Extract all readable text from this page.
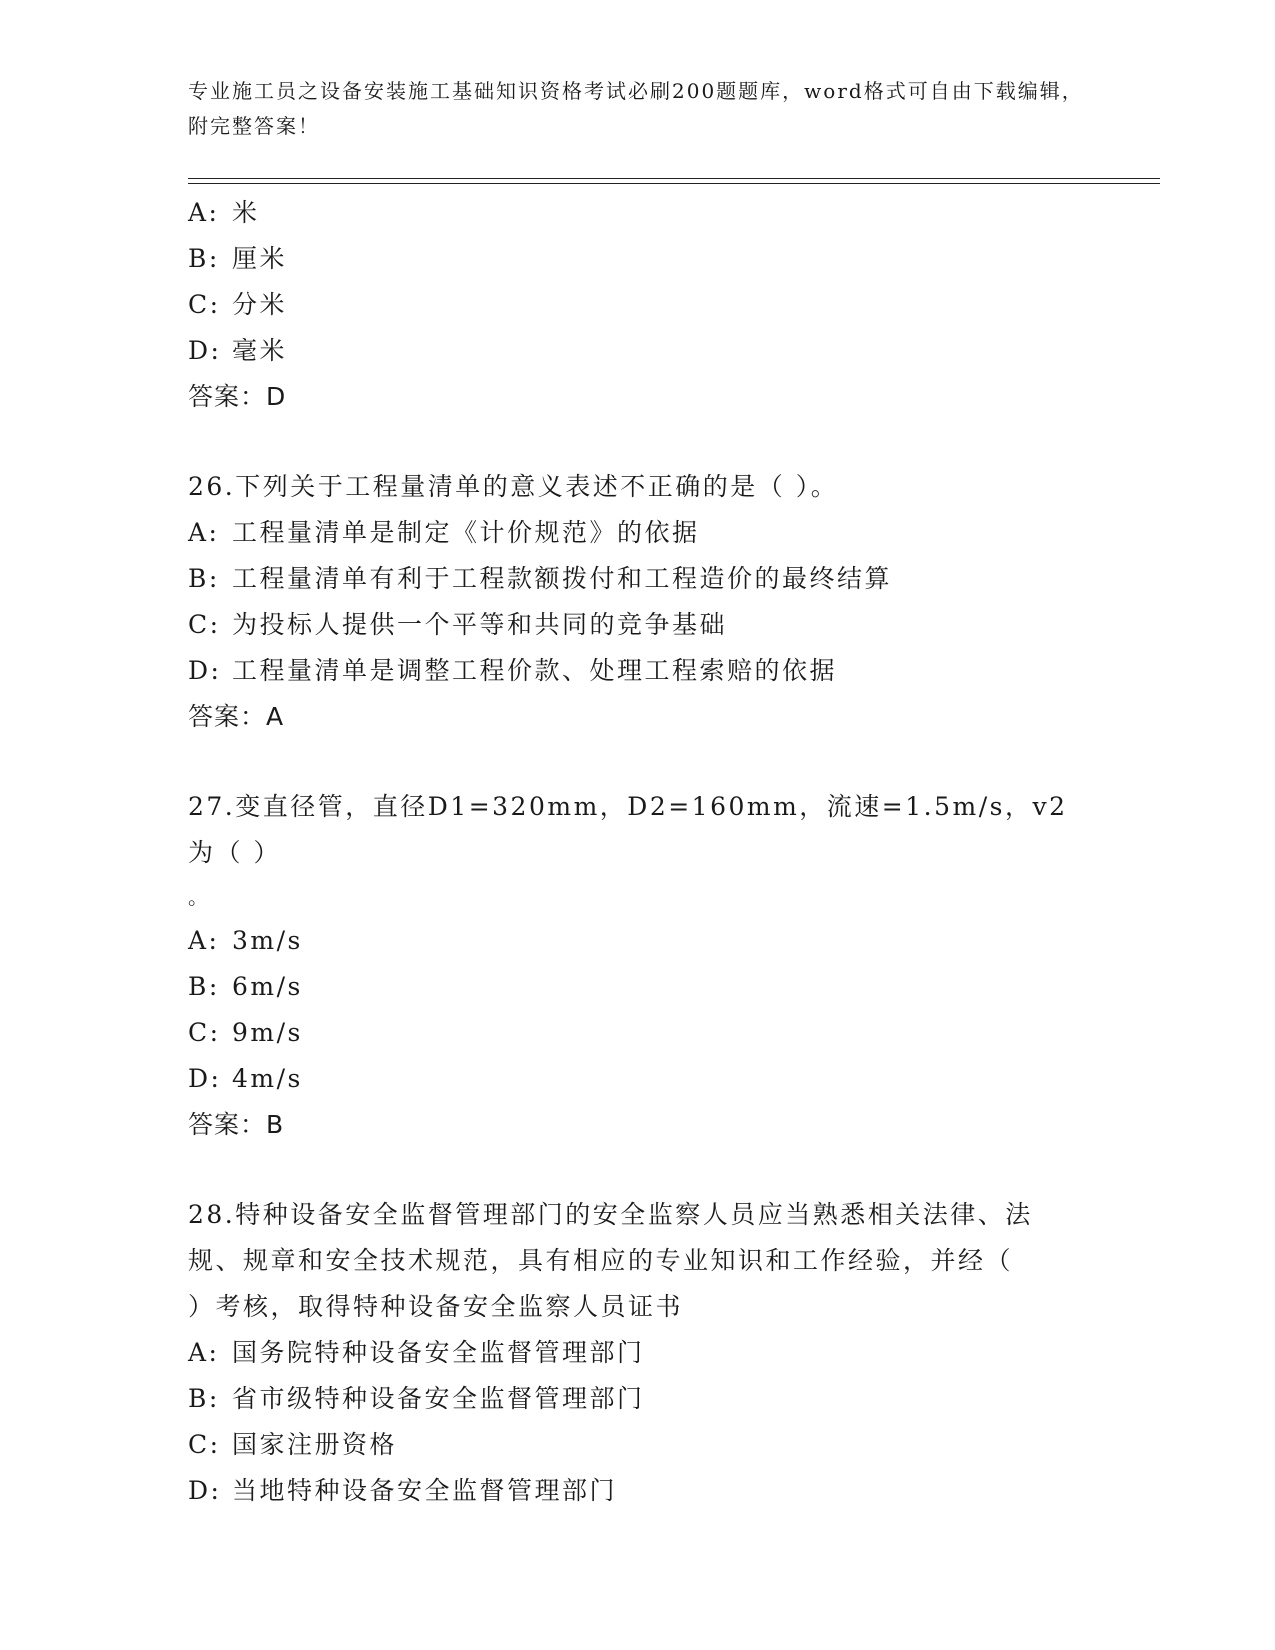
专业施工员之设备安装施工基础知识资格考试必刷200题题库，word格式可自由下载编辑，附完整答案！
A: 米
B: 厘米
C: 分米
D: 毫米
答案：D
26.下列关于工程量清单的意义表述不正确的是（ ）。
A: 工程量清单是制定《计价规范》的依据
B: 工程量清单有利于工程款额拨付和工程造价的最终结算
C: 为投标人提供一个平等和共同的竞争基础
D: 工程量清单是调整工程价款、处理工程索赔的依据
答案：A
27.变直径管，直径D1=320mm，D2=160mm，流速=1.5m/s，v2为（ ）
。
A: 3m/s
B: 6m/s
C: 9m/s
D: 4m/s
答案：B
28.特种设备安全监督管理部门的安全监察人员应当熟悉相关法律、法
规、规章和安全技术规范，具有相应的专业知识和工作经验，并经（
）考核，取得特种设备安全监察人员证书
A: 国务院特种设备安全监督管理部门
B: 省市级特种设备安全监督管理部门
C: 国家注册资格
D: 当地特种设备安全监督管理部门
